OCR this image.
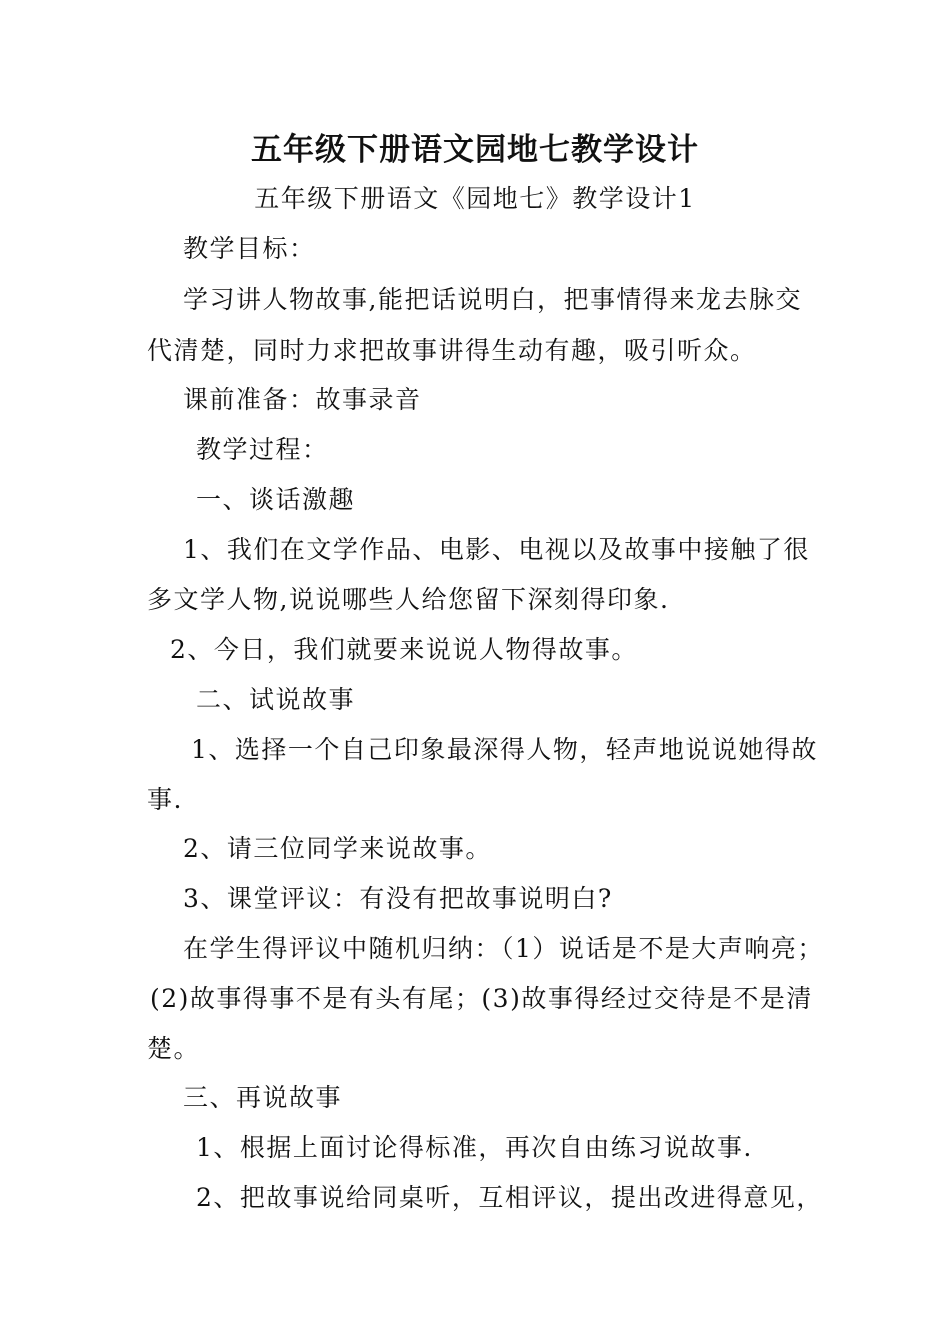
五年级下册语文园地七教学设计
五年级下册语文《园地七》教学设计1
教学目标：
学习讲人物故事,能把话说明白，把事情得来龙去脉交
代清楚，同时力求把故事讲得生动有趣，吸引听众。
课前准备：故事录音
教学过程：
一、谈话激趣
1、我们在文学作品、电影、电视以及故事中接触了很
多文学人物,说说哪些人给您留下深刻得印象.
2、今日，我们就要来说说人物得故事。
二、试说故事
1、选择一个自己印象最深得人物，轻声地说说她得故
事.
2、请三位同学来说故事。
3、课堂评议：有没有把故事说明白?
在学生得评议中随机归纳：（1）说话是不是大声响亮；
(2)故事得事不是有头有尾；(3)故事得经过交待是不是清
楚。
三、再说故事
1、根据上面讨论得标准，再次自由练习说故事.
2、把故事说给同桌听，互相评议，提出改进得意见，
